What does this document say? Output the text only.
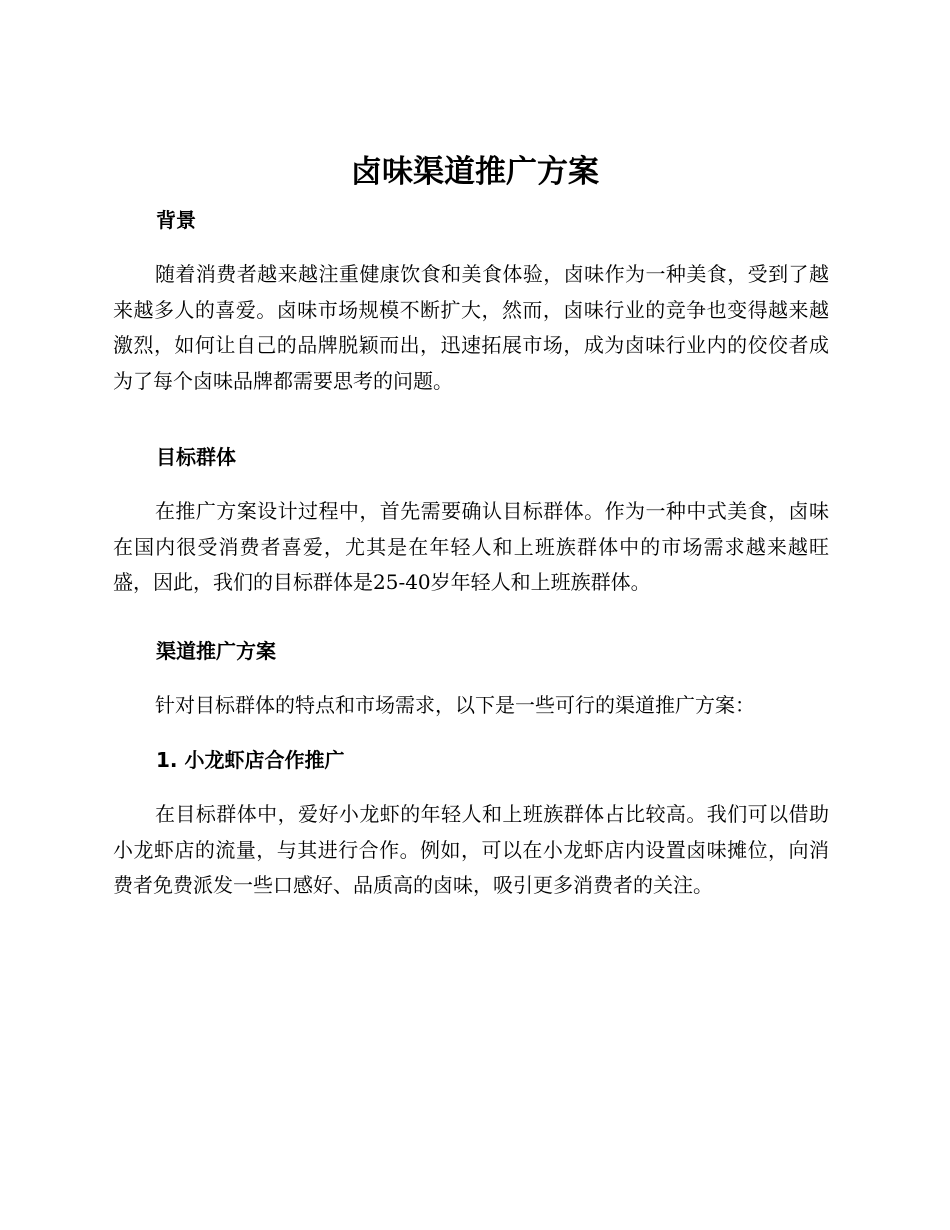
卤味渠道推广方案
背景

随着消费者越来越注重健康饮食和美食体验，卤味作为一种美食，受到了越来越多人的喜爱。卤味市场规模不断扩大，然而，卤味行业的竞争也变得越来越激烈，如何让自己的品牌脱颖而出，迅速拓展市场，成为卤味行业内的佼佼者成为了每个卤味品牌都需要思考的问题。

目标群体

在推广方案设计过程中，首先需要确认目标群体。作为一种中式美食，卤味在国内很受消费者喜爱，尤其是在年轻人和上班族群体中的市场需求越来越旺盛，因此，我们的目标群体是25-40岁年轻人和上班族群体。

渠道推广方案

针对目标群体的特点和市场需求，以下是一些可行的渠道推广方案：

1. 小龙虾店合作推广

在目标群体中，爱好小龙虾的年轻人和上班族群体占比较高。我们可以借助小龙虾店的流量，与其进行合作。例如，可以在小龙虾店内设置卤味摊位，向消费者免费派发一些口感好、品质高的卤味，吸引更多消费者的关注。
